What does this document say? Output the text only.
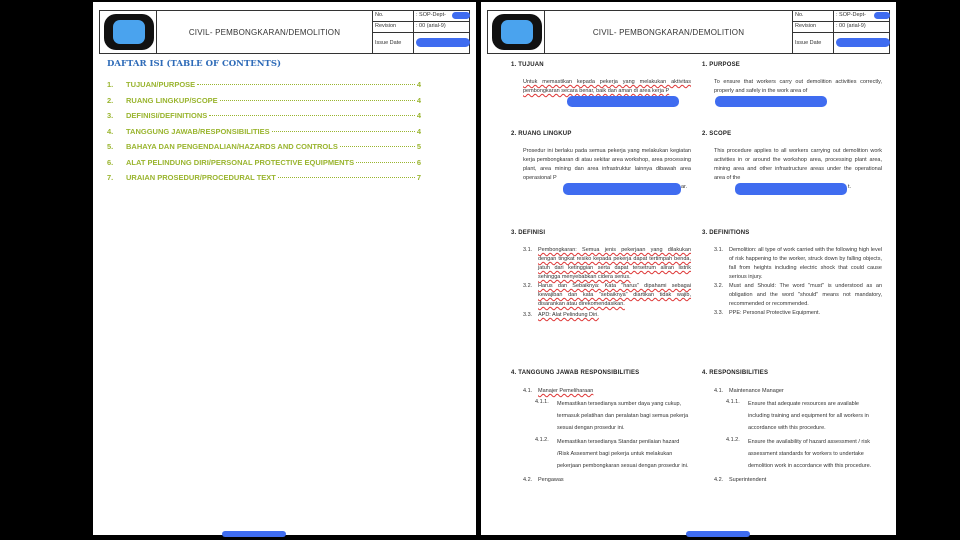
CIVIL- PEMBONGKARAN/DEMOLITION
No.	: SOP-Dept-
Revision	: 00 (arial-9)
Issue Date
DAFTAR ISI (TABLE OF CONTENTS)
1.	TUJUAN/PURPOSE	4
2.	RUANG LINGKUP/SCOPE	4
3.	DEFINISI/DEFINITIONS	4
4.	TANGGUNG JAWAB/RESPONSIBILITIES	4
5.	BAHAYA DAN PENGENDALIAN/HAZARDS AND CONTROLS	5
6.	ALAT PELINDUNG DIRI/PERSONAL PROTECTIVE EQUIPMENTS	6
7.	URAIAN PROSEDUR/PROCEDURAL TEXT	7
CIVIL- PEMBONGKARAN/DEMOLITION
No.	: SOP-Dept-
Revision	: 00 (arial-9)
Issue Date
1. TUJUAN	1. PURPOSE
Untuk memastikan kepada pekerja yang melakukan aktivitas pembongkaran secara benar, baik dan aman di area kerja P
To ensure that workers carry out demolition activities correctly, properly and safely in the work area of
2. RUANG LINGKUP	2. SCOPE
Prosedur ini berlaku pada semua pekerja yang melakukan kegiatan kerja pembongkaran di atau sekitar area workshop, area processing plant, area mining dan area infrastruktur lainnya dibawah area operasional P
ar.
This procedure applies to all workers carrying out demolition work activities in or around the workshop area, processing plant area, mining area and other infrastructure areas under the operational area of the
t.
3. DEFINISI	3. DEFINITIONS
3.1.	Pembongkaran: Semua jenis pekerjaan yang dilakukan dengan tingkat resiko kepada pekerja dapat tertimpah benda, jatuh dari ketinggian serta dapat tersetrum aliran listrik sehingga menyebabkan cidera serius.
3.2.	Harus dan Sebaiknya: Kata "harus" dipahami sebagai kewajiban dan kata "sebaiknya" diartikan tidak wajib, disarankan atau direkomendasikan.
3.3.	APD: Alat Pelindung Diri.
3.1.	Demolition: all type of work carried with the following high level of risk happening to the worker, struck down by falling objects, fall from heights including electric shock that could cause serious injury.
3.2.	Must and Should: The word "must" is understood as an obligation and the word "should" means not mandatory, recommended or recommended.
3.3.	PPE: Personal Protective Equipment.
4. TANGGUNG JAWAB RESPONSIBILITIES	4. RESPONSIBILITIES
4.1.	Manajer Pemeliharaan
4.1.1.	Memastikan tersedianya sumber daya yang cukup, termasuk pelatihan dan peralatan bagi semua pekerja sesuai dengan prosedur ini.
4.1.2.	Memastikan tersedianya Standar penilaian hazard /Risk Assesment bagi pekerja untuk melakukan pekerjaan pembongkaran sesuai dengan prosedur ini.
4.2.	Pengawas
4.1.	Maintenance Manager
4.1.1.	Ensure that adequate resources are available including training and equipment for all workers in accordance with this procedure.
4.1.2.	Ensure the availability of hazard assessment / risk assessment standards for workers to undertake demolition work in accordance with this procedure.
4.2.	Superintendent
